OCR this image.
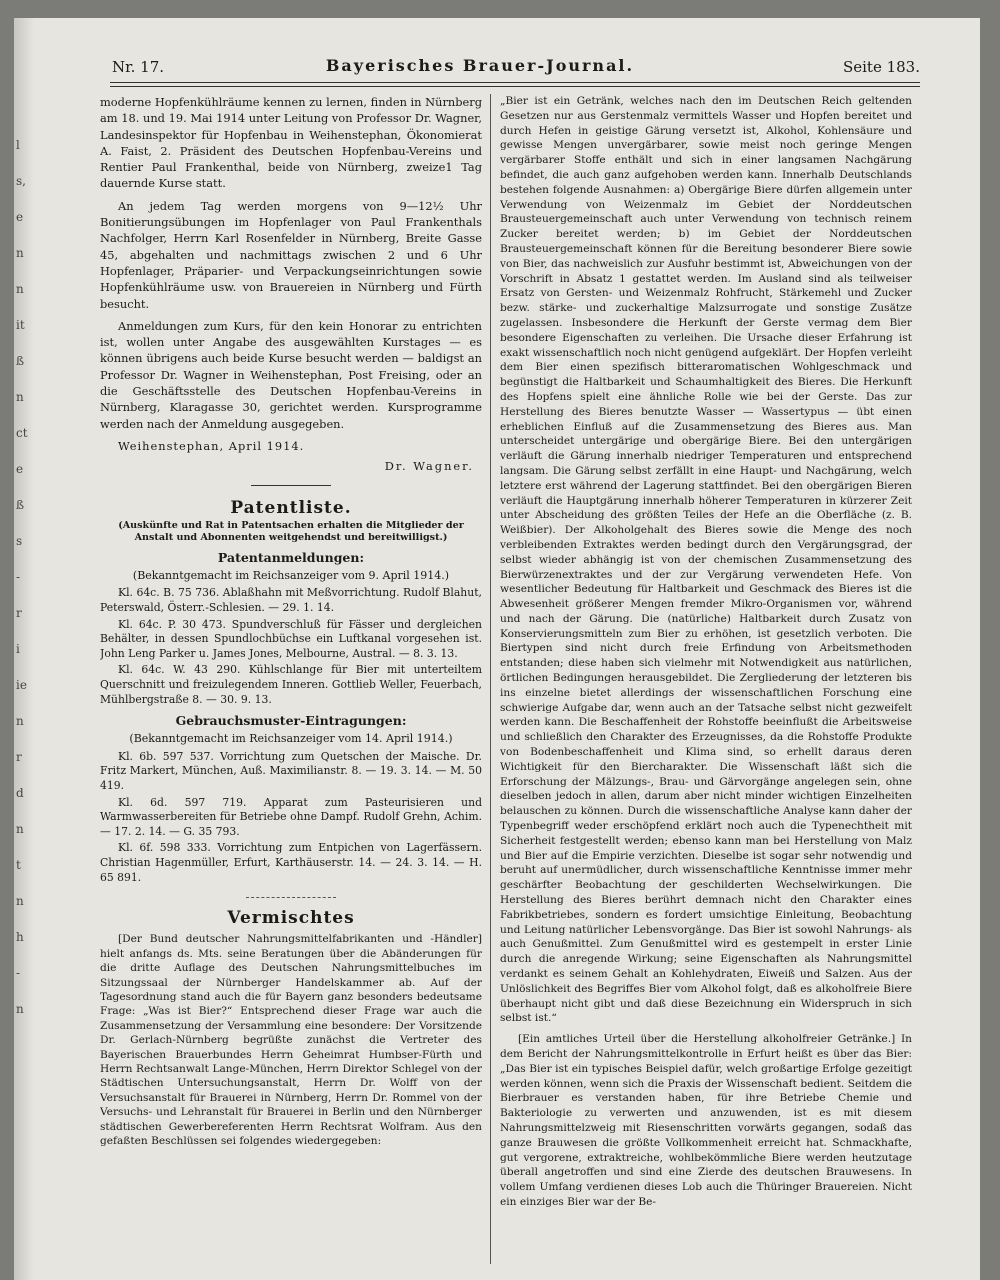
l
s,
e
n
n
it
ß
n
ct
e
ß
s
-
r
i
ie
n
r
d
n
t
n
h
-
n
Nr. 17.	Bayerisches Brauer-Journal.	Seite 183.

moderne Hopfenkühlräume kennen zu lernen, finden in Nürnberg am 18. und 19. Mai 1914 unter Leitung von Professor Dr. Wagner, Landesinspektor für Hopfenbau in Weihenstephan, Ökonomierat A. Faist, 2. Präsident des Deutschen Hopfenbau-Vereins und Rentier Paul Frankenthal, beide von Nürnberg, zweize1 Tag dauernde Kurse statt.

An jedem Tag werden morgens von 9—12½ Uhr Bonitierungsübungen im Hopfenlager von Paul Frankenthals Nachfolger, Herrn Karl Rosenfelder in Nürnberg, Breite Gasse 45, abgehalten und nachmittags zwischen 2 und 6 Uhr Hopfenlager, Präparier- und Verpackungseinrichtungen sowie Hopfenkühlräume usw. von Brauereien in Nürnberg und Fürth besucht.

Anmeldungen zum Kurs, für den kein Honorar zu entrichten ist, wollen unter Angabe des ausgewählten Kurstages — es können übrigens auch beide Kurse besucht werden — baldigst an Professor Dr. Wagner in Weihenstephan, Post Freising, oder an die Geschäftsstelle des Deutschen Hopfenbau-Vereins in Nürnberg, Klaragasse 30, gerichtet werden. Kursprogramme werden nach der Anmeldung ausgegeben.

Weihenstephan, April 1914.
Dr. Wagner.
Patentliste.
(Auskünfte und Rat in Patentsachen erhalten die Mitglieder der Anstalt und Abonnenten weitgehendst und bereitwilligst.)
Patentanmeldungen:
(Bekanntgemacht im Reichsanzeiger vom 9. April 1914.)
Kl. 64c. B. 75 736. Ablaßhahn mit Meßvorrichtung. Rudolf Blahut, Peterswald, Österr.-Schlesien. — 29. 1. 14.
Kl. 64c. P. 30 473. Spundverschluß für Fässer und dergleichen Behälter, in dessen Spundlochbüchse ein Luftkanal vorgesehen ist. John Leng Parker u. James Jones, Melbourne, Austral. — 8. 3. 13.
Kl. 64c. W. 43 290. Kühlschlange für Bier mit unterteiltem Querschnitt und freizulegendem Inneren. Gottlieb Weller, Feuerbach, Mühlbergstraße 8. — 30. 9. 13.
Gebrauchsmuster-Eintragungen:
(Bekanntgemacht im Reichsanzeiger vom 14. April 1914.)
Kl. 6b. 597 537. Vorrichtung zum Quetschen der Maische. Dr. Fritz Markert, München, Auß. Maximilianstr. 8. — 19. 3. 14. — M. 50 419.
Kl. 6d. 597 719. Apparat zum Pasteurisieren und Warmwasserbereiten für Betriebe ohne Dampf. Rudolf Grehn, Achim. — 17. 2. 14. — G. 35 793.
Kl. 6f. 598 333. Vorrichtung zum Entpichen von Lagerfässern. Christian Hagenmüller, Erfurt, Karthäuserstr. 14. — 24. 3. 14. — H. 65 891.
Vermischtes

[Der Bund deutscher Nahrungsmittelfabrikanten und -Händler] hielt anfangs ds. Mts. seine Beratungen über die Abänderungen für die dritte Auflage des Deutschen Nahrungsmittelbuches im Sitzungssaal der Nürnberger Handelskammer ab. Auf der Tagesordnung stand auch die für Bayern ganz besonders bedeutsame Frage: „Was ist Bier?“ Entsprechend dieser Frage war auch die Zusammensetzung der Versammlung eine besondere: Der Vorsitzende Dr. Gerlach-Nürnberg begrüßte zunächst die Vertreter des Bayerischen Brauerbundes Herrn Geheimrat Humbser-Fürth und Herrn Rechtsanwalt Lange-München, Herrn Direktor Schlegel von der Städtischen Untersuchungsanstalt, Herrn Dr. Wolff von der Versuchsanstalt für Brauerei in Nürnberg, Herrn Dr. Rommel von der Versuchs- und Lehranstalt für Brauerei in Berlin und den Nürnberger städtischen Gewerbereferenten Herrn Rechtsrat Wolfram. Aus den gefaßten Beschlüssen sei folgendes wiedergegeben:

„Bier ist ein Getränk, welches nach den im Deutschen Reich geltenden Gesetzen nur aus Gerstenmalz vermittels Wasser und Hopfen bereitet und durch Hefen in geistige Gärung versetzt ist, Alkohol, Kohlensäure und gewisse Mengen unvergärbarer, sowie meist noch geringe Mengen vergärbarer Stoffe enthält und sich in einer langsamen Nachgärung befindet, die auch ganz aufgehoben werden kann. Innerhalb Deutschlands bestehen folgende Ausnahmen: a) Obergärige Biere dürfen allgemein unter Verwendung von Weizenmalz im Gebiet der Norddeutschen Brausteuergemeinschaft auch unter Verwendung von technisch reinem Zucker bereitet werden; b) im Gebiet der Norddeutschen Brausteuergemeinschaft können für die Bereitung besonderer Biere sowie von Bier, das nachweislich zur Ausfuhr bestimmt ist, Abweichungen von der Vorschrift in Absatz 1 gestattet werden. Im Ausland sind als teilweiser Ersatz von Gersten- und Weizenmalz Rohfrucht, Stärkemehl und Zucker bezw. stärke- und zuckerhaltige Malzsurrogate und sonstige Zusätze zugelassen. Insbesondere die Herkunft der Gerste vermag dem Bier besondere Eigenschaften zu verleihen. Die Ursache dieser Erfahrung ist exakt wissenschaftlich noch nicht genügend aufgeklärt. Der Hopfen verleiht dem Bier einen spezifisch bitteraromatischen Wohlgeschmack und begünstigt die Haltbarkeit und Schaumhaltigkeit des Bieres. Die Herkunft des Hopfens spielt eine ähnliche Rolle wie bei der Gerste. Das zur Herstellung des Bieres benutzte Wasser — Wassertypus — übt einen erheblichen Einfluß auf die Zusammensetzung des Bieres aus. Man unterscheidet untergärige und obergärige Biere. Bei den untergärigen verläuft die Gärung innerhalb niedriger Temperaturen und entsprechend langsam. Die Gärung selbst zerfällt in eine Haupt- und Nachgärung, welch letztere erst während der Lagerung stattfindet. Bei den obergärigen Bieren verläuft die Hauptgärung innerhalb höherer Temperaturen in kürzerer Zeit unter Abscheidung des größten Teiles der Hefe an die Oberfläche (z. B. Weißbier). Der Alkoholgehalt des Bieres sowie die Menge des noch verbleibenden Extraktes werden bedingt durch den Vergärungsgrad, der selbst wieder abhängig ist von der chemischen Zusammensetzung des Bierwürzenextraktes und der zur Vergärung verwendeten Hefe. Von wesentlicher Bedeutung für Haltbarkeit und Geschmack des Bieres ist die Abwesenheit größerer Mengen fremder Mikro-Organismen vor, während und nach der Gärung. Die (natürliche) Haltbarkeit durch Zusatz von Konservierungsmitteln zum Bier zu erhöhen, ist gesetzlich verboten. Die Biertypen sind nicht durch freie Erfindung von Arbeitsmethoden entstanden; diese haben sich vielmehr mit Notwendigkeit aus natürlichen, örtlichen Bedingungen herausgebildet. Die Zergliederung der letzteren bis ins einzelne bietet allerdings der wissenschaftlichen Forschung eine schwierige Aufgabe dar, wenn auch an der Tatsache selbst nicht gezweifelt werden kann. Die Beschaffenheit der Rohstoffe beeinflußt die Arbeitsweise und schließlich den Charakter des Erzeugnisses, da die Rohstoffe Produkte von Bodenbeschaffenheit und Klima sind, so erhellt daraus deren Wichtigkeit für den Biercharakter. Die Wissenschaft läßt sich die Erforschung der Mälzungs-, Brau- und Gärvorgänge angelegen sein, ohne dieselben jedoch in allen, darum aber nicht minder wichtigen Einzelheiten belauschen zu können. Durch die wissenschaftliche Analyse kann daher der Typenbegriff weder erschöpfend erklärt noch auch die Typenechtheit mit Sicherheit festgestellt werden; ebenso kann man bei Herstellung von Malz und Bier auf die Empirie verzichten. Dieselbe ist sogar sehr notwendig und beruht auf unermüdlicher, durch wissenschaftliche Kenntnisse immer mehr geschärfter Beobachtung der geschilderten Wechselwirkungen. Die Herstellung des Bieres berührt demnach nicht den Charakter eines Fabrikbetriebes, sondern es fordert umsichtige Einleitung, Beobachtung und Leitung natürlicher Lebensvorgänge. Das Bier ist sowohl Nahrungs- als auch Genußmittel. Zum Genußmittel wird es gestempelt in erster Linie durch die anregende Wirkung; seine Eigenschaften als Nahrungsmittel verdankt es seinem Gehalt an Kohlehydraten, Eiweiß und Salzen. Aus der Unlöslichkeit des Begriffes Bier vom Alkohol folgt, daß es alkoholfreie Biere überhaupt nicht gibt und daß diese Bezeichnung ein Widerspruch in sich selbst ist.“

[Ein amtliches Urteil über die Herstellung alkoholfreier Getränke.] In dem Bericht der Nahrungsmittelkontrolle in Erfurt heißt es über das Bier: „Das Bier ist ein typisches Beispiel dafür, welch großartige Erfolge gezeitigt werden können, wenn sich die Praxis der Wissenschaft bedient. Seitdem die Bierbrauer es verstanden haben, für ihre Betriebe Chemie und Bakteriologie zu verwerten und anzuwenden, ist es mit diesem Nahrungsmittelzweig mit Riesenschritten vorwärts gegangen, sodaß das ganze Brauwesen die größte Vollkommenheit erreicht hat. Schmackhafte, gut vergorene, extraktreiche, wohlbekömmliche Biere werden heutzutage überall angetroffen und sind eine Zierde des deutschen Brauwesens. In vollem Umfang verdienen dieses Lob auch die Thüringer Brauereien. Nicht ein einziges Bier war der Be-
